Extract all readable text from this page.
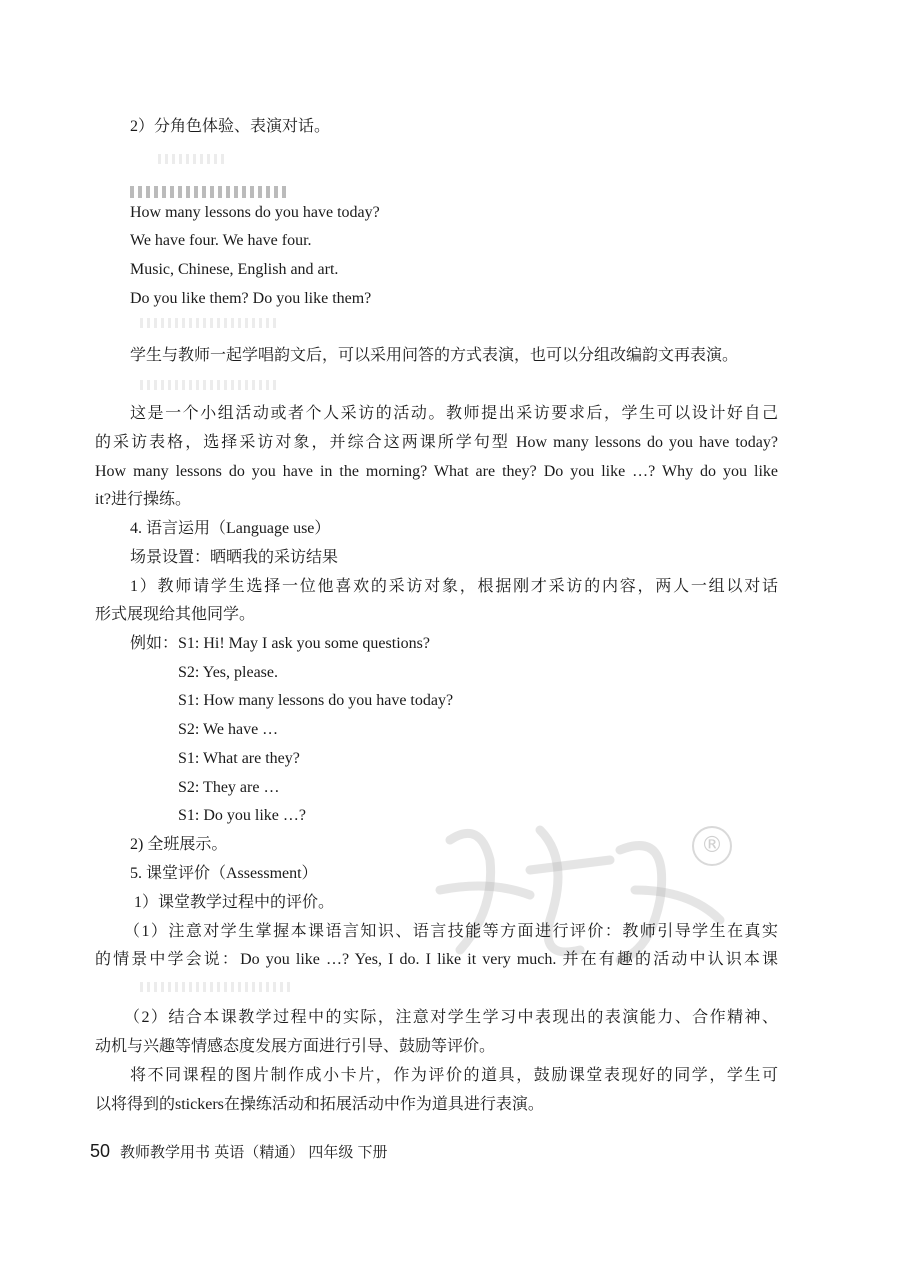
®
2）分角色体验、表演对话。
How many lessons do you have today?
We have four. We have four.
Music, Chinese, English and art.
Do you like them? Do you like them?
学生与教师一起学唱韵文后，可以采用问答的方式表演，也可以分组改编韵文再表演。
这是一个小组活动或者个人采访的活动。教师提出采访要求后，学生可以设计好自己
的采访表格，选择采访对象，并综合这两课所学句型 How many lessons do you have today?
How many lessons do you have in the morning? What are they? Do you like …? Why do you like
it?进行操练。
4. 语言运用（Language use）
场景设置：晒晒我的采访结果
1）教师请学生选择一位他喜欢的采访对象，根据刚才采访的内容，两人一组以对话
形式展现给其他同学。
例如： S1: Hi! May I ask you some questions?
S2: Yes, please.
S1: How many lessons do you have today?
S2: We have …
S1: What are they?
S2: They are …
S1: Do you like …?
2) 全班展示。
5. 课堂评价（Assessment）
1）课堂教学过程中的评价。
（1）注意对学生掌握本课语言知识、语言技能等方面进行评价：教师引导学生在真实
的情景中学会说：Do you like …? Yes, I do. I like it very much. 并在有趣的活动中认识本课
（2）结合本课教学过程中的实际，注意对学生学习中表现出的表演能力、合作精神、
动机与兴趣等情感态度发展方面进行引导、鼓励等评价。
将不同课程的图片制作成小卡片，作为评价的道具，鼓励课堂表现好的同学，学生可
以将得到的stickers在操练活动和拓展活动中作为道具进行表演。
50 教师教学用书 英语（精通） 四年级 下册
